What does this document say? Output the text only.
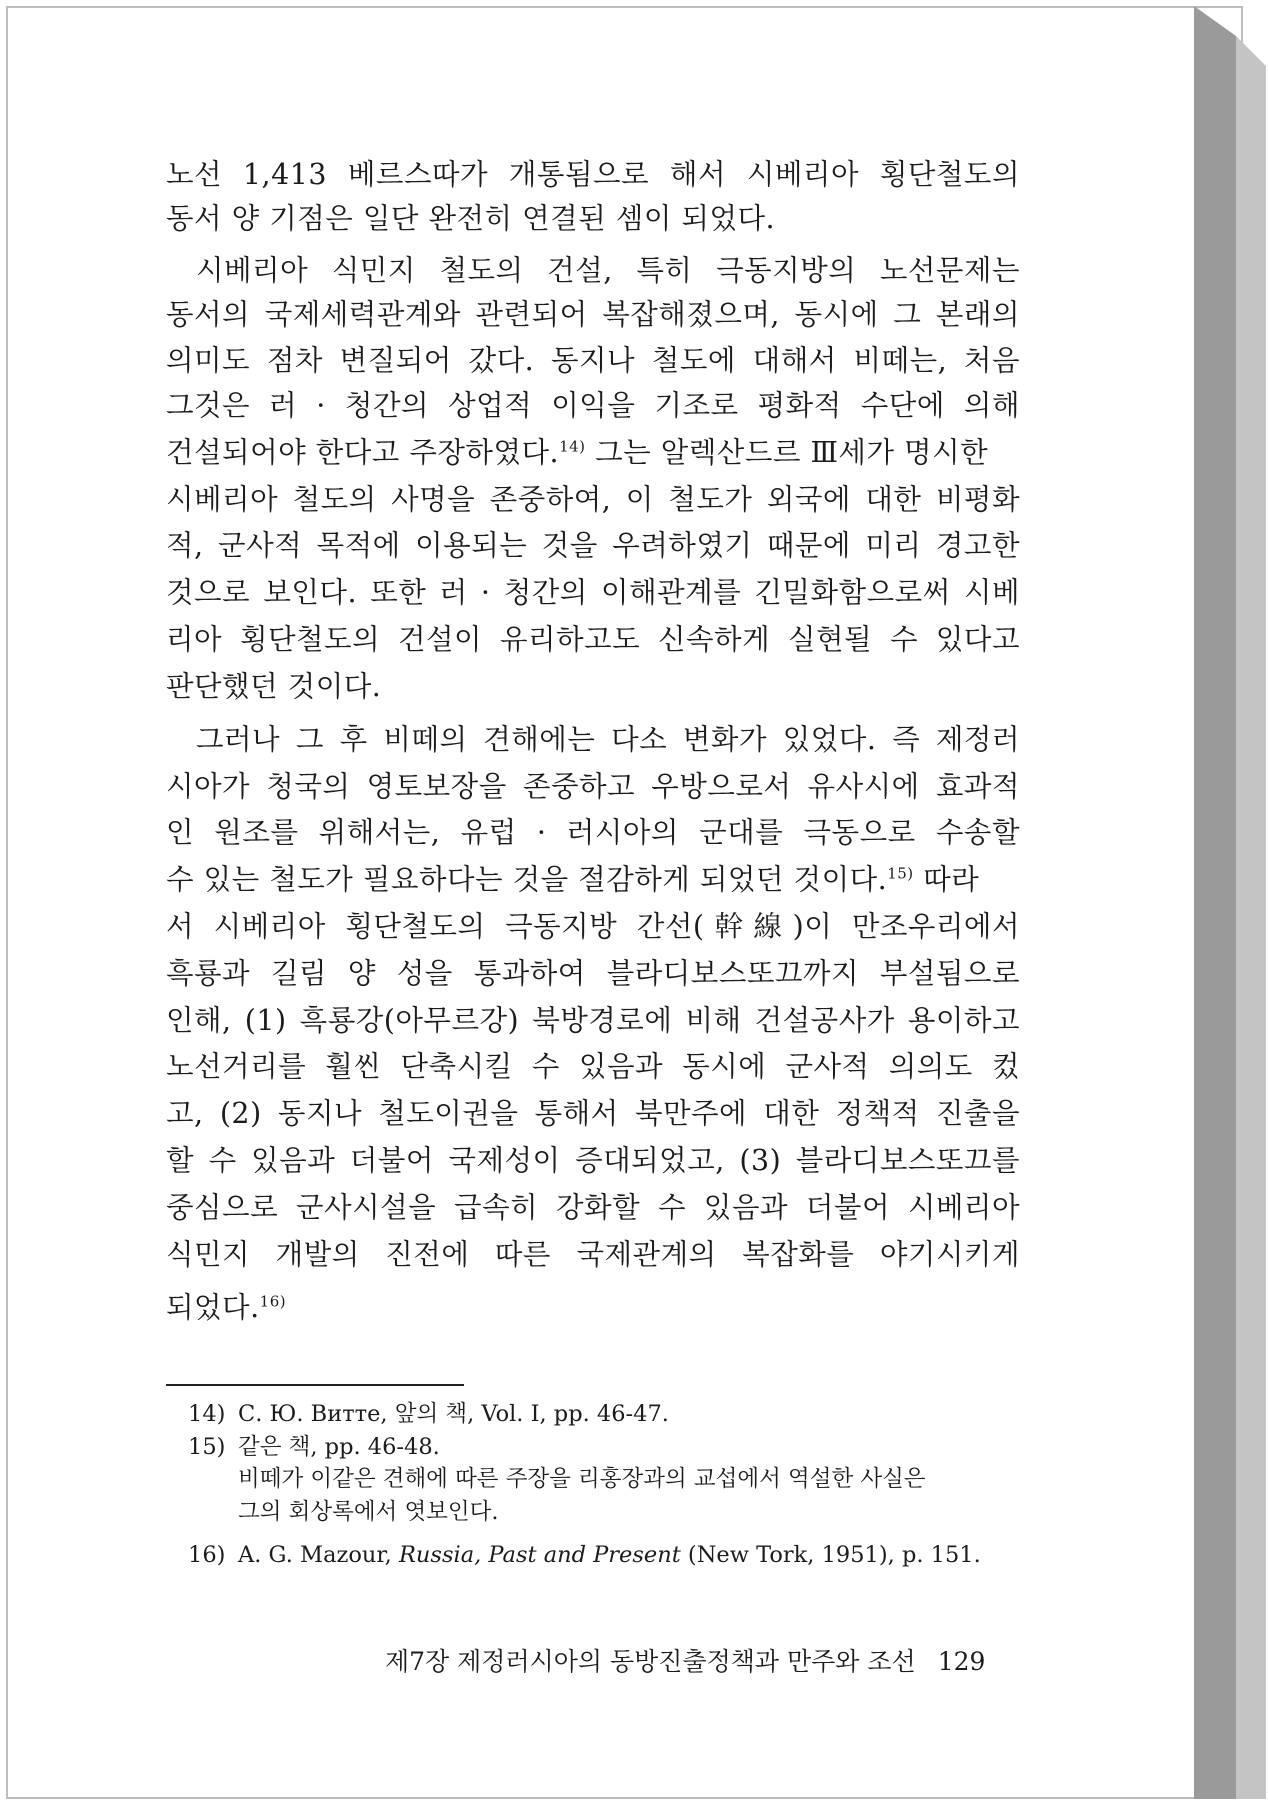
노선 1,413 베르스따가 개통됨으로 해서 시베리아 횡단철도의
동서 양 기점은 일단 완전히 연결된 셈이 되었다.
시베리아 식민지 철도의 건설, 특히 극동지방의 노선문제는
동서의 국제세력관계와 관련되어 복잡해졌으며, 동시에 그 본래의
의미도 점차 변질되어 갔다. 동지나 철도에 대해서 비떼는, 처음
그것은 러 · 청간의 상업적 이익을 기조로 평화적 수단에 의해
건설되어야 한다고 주장하였다.$^{14)}$ 그는 알렉산드르 Ⅲ세가 명시한
시베리아 철도의 사명을 존중하여, 이 철도가 외국에 대한 비평화
적, 군사적 목적에 이용되는 것을 우려하였기 때문에 미리 경고한
것으로 보인다. 또한 러 · 청간의 이해관계를 긴밀화함으로써 시베
리아 횡단철도의 건설이 유리하고도 신속하게 실현될 수 있다고
판단했던 것이다.
그러나 그 후 비떼의 견해에는 다소 변화가 있었다. 즉 제정러
시아가 청국의 영토보장을 존중하고 우방으로서 유사시에 효과적
인 원조를 위해서는, 유럽 · 러시아의 군대를 극동으로 수송할
수 있는 철도가 필요하다는 것을 절감하게 되었던 것이다.$^{15)}$ 따라
서 시베리아 횡단철도의 극동지방 간선(幹線)이 만조우리에서
흑룡과 길림 양 성을 통과하여 블라디보스또끄까지 부설됨으로
인해, (1) 흑룡강(아무르강) 북방경로에 비해 건설공사가 용이하고
노선거리를 훨씬 단축시킬 수 있음과 동시에 군사적 의의도 컸
고, (2) 동지나 철도이권을 통해서 북만주에 대한 정책적 진출을
할 수 있음과 더불어 국제성이 증대되었고, (3) 블라디보스또끄를
중심으로 군사시설을 급속히 강화할 수 있음과 더불어 시베리아
식민지 개발의 진전에 따른 국제관계의 복잡화를 야기시키게
되었다.$^{16)}$
14) С. Ю. Витте, 앞의 책, Vol. I, pp. 46-47.
15) 같은 책, pp. 46-48.
비떼가 이같은 견해에 따른 주장을 리홍장과의 교섭에서 역설한 사실은
그의 회상록에서 엿보인다.
16) A. G. Mazour, Russia, Past and Present (New Tork, 1951), p. 151.
제7장 제정러시아의 동방진출정책과 만주와 조선 129
